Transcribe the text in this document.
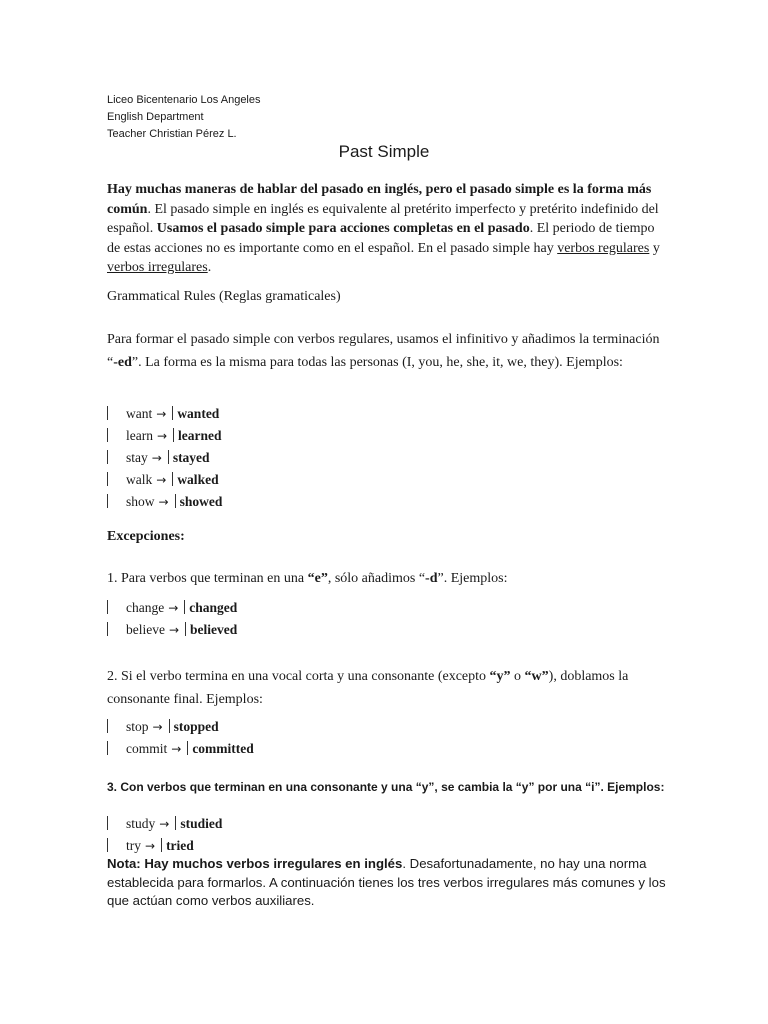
Liceo Bicentenario Los Angeles
English Department
Teacher Christian Pérez L.
Past Simple
Hay muchas maneras de hablar del pasado en inglés, pero el pasado simple es la forma más común. El pasado simple en inglés es equivalente al pretérito imperfecto y pretérito indefinido del español. Usamos el pasado simple para acciones completas en el pasado. El periodo de tiempo de estas acciones no es importante como en el español. En el pasado simple hay verbos regulares y verbos irregulares.
Grammatical Rules (Reglas gramaticales)
Para formar el pasado simple con verbos regulares, usamos el infinitivo y añadimos la terminación “-ed”. La forma es la misma para todas las personas (I, you, he, she, it, we, they). Ejemplos:
want → wanted
learn → learned
stay → stayed
walk → walked
show → showed
Excepciones:
1. Para verbos que terminan en una “e”, sólo añadimos “-d”. Ejemplos:
change → changed
believe → believed
2. Si el verbo termina en una vocal corta y una consonante (excepto “y” o “w”), doblamos la consonante final. Ejemplos:
stop → stopped
commit → committed
3. Con verbos que terminan en una consonante y una “y”, se cambia la “y” por una “i”. Ejemplos:
study → studied
try → tried
Nota: Hay muchos verbos irregulares en inglés. Desafortunadamente, no hay una norma establecida para formarlos. A continuación tienes los tres verbos irregulares más comunes y los que actúan como verbos auxiliares.
